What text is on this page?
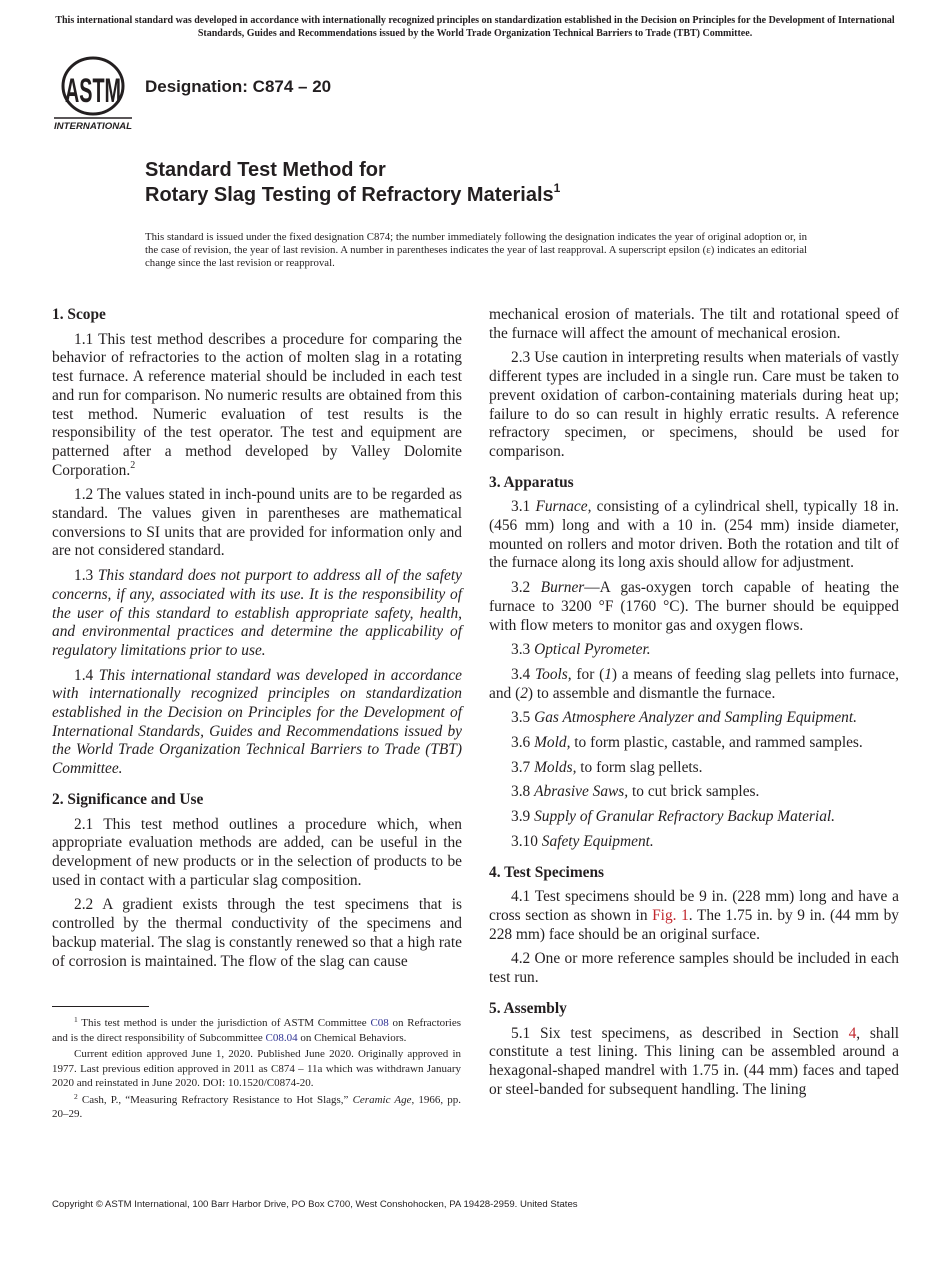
This international standard was developed in accordance with internationally recognized principles on standardization established in the Decision on Principles for the Development of International Standards, Guides and Recommendations issued by the World Trade Organization Technical Barriers to Trade (TBT) Committee.
ASTM
INTERNATIONAL
Designation: C874 – 20
Standard Test Method for
Rotary Slag Testing of Refractory Materials$^1$
This standard is issued under the fixed designation C874; the number immediately following the designation indicates the year of original adoption or, in the case of revision, the year of last revision. A number in parentheses indicates the year of last reapproval. A superscript epsilon (ε) indicates an editorial change since the last revision or reapproval.
1. Scope

1.1 This test method describes a procedure for comparing the behavior of refractories to the action of molten slag in a rotating test furnace. A reference material should be included in each test and run for comparison. No numeric results are obtained from this test method. Numeric evaluation of test results is the responsibility of the test operator. The test and equipment are patterned after a method developed by Valley Dolomite Corporation.$^2$

1.2 The values stated in inch-pound units are to be regarded as standard. The values given in parentheses are mathematical conversions to SI units that are provided for information only and are not considered standard.

1.3 This standard does not purport to address all of the safety concerns, if any, associated with its use. It is the responsibility of the user of this standard to establish appropriate safety, health, and environmental practices and determine the applicability of regulatory limitations prior to use.

1.4 This international standard was developed in accordance with internationally recognized principles on standardization established in the Decision on Principles for the Development of International Standards, Guides and Recommendations issued by the World Trade Organization Technical Barriers to Trade (TBT) Committee.

2. Significance and Use

2.1 This test method outlines a procedure which, when appropriate evaluation methods are added, can be useful in the development of new products or in the selection of products to be used in contact with a particular slag composition.

2.2 A gradient exists through the test specimens that is controlled by the thermal conductivity of the specimens and backup material. The slag is constantly renewed so that a high rate of corrosion is maintained. The flow of the slag can cause

mechanical erosion of materials. The tilt and rotational speed of the furnace will affect the amount of mechanical erosion.

2.3 Use caution in interpreting results when materials of vastly different types are included in a single run. Care must be taken to prevent oxidation of carbon-containing materials during heat up; failure to do so can result in highly erratic results. A reference refractory specimen, or specimens, should be used for comparison.

3. Apparatus

3.1 Furnace, consisting of a cylindrical shell, typically 18 in. (456 mm) long and with a 10 in. (254 mm) inside diameter, mounted on rollers and motor driven. Both the rotation and tilt of the furnace along its long axis should allow for adjustment.

3.2 Burner—A gas-oxygen torch capable of heating the furnace to 3200 °F (1760 °C). The burner should be equipped with flow meters to monitor gas and oxygen flows.

3.3 Optical Pyrometer.

3.4 Tools, for (1) a means of feeding slag pellets into furnace, and (2) to assemble and dismantle the furnace.

3.5 Gas Atmosphere Analyzer and Sampling Equipment.

3.6 Mold, to form plastic, castable, and rammed samples.

3.7 Molds, to form slag pellets.

3.8 Abrasive Saws, to cut brick samples.

3.9 Supply of Granular Refractory Backup Material.

3.10 Safety Equipment.

4. Test Specimens

4.1 Test specimens should be 9 in. (228 mm) long and have a cross section as shown in Fig. 1. The 1.75 in. by 9 in. (44 mm by 228 mm) face should be an original surface.

4.2 One or more reference samples should be included in each test run.

5. Assembly

5.1 Six test specimens, as described in Section 4, shall constitute a test lining. This lining can be assembled around a hexagonal-shaped mandrel with 1.75 in. (44 mm) faces and taped or steel-banded for subsequent handling. The lining

$^1$ This test method is under the jurisdiction of ASTM Committee C08 on Refractories and is the direct responsibility of Subcommittee C08.04 on Chemical Behaviors.

Current edition approved June 1, 2020. Published June 2020. Originally approved in 1977. Last previous edition approved in 2011 as C874 – 11a which was withdrawn January 2020 and reinstated in June 2020. DOI: 10.1520/C0874-20.

$^2$ Cash, P., “Measuring Refractory Resistance to Hot Slags,” Ceramic Age, 1966, pp. 20–29.

Copyright © ASTM International, 100 Barr Harbor Drive, PO Box C700, West Conshohocken, PA 19428-2959. United States
